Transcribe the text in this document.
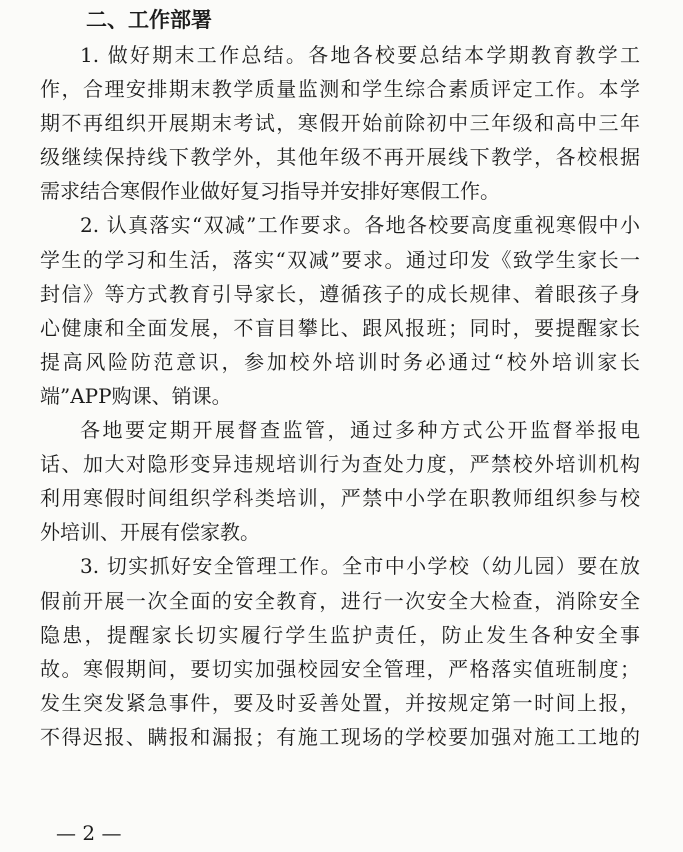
二、工作部署
1. 做好期末工作总结。各地各校要总结本学期教育教学工
作，合理安排期末教学质量监测和学生综合素质评定工作。本学
期不再组织开展期末考试，寒假开始前除初中三年级和高中三年
级继续保持线下教学外，其他年级不再开展线下教学，各校根据
需求结合寒假作业做好复习指导并安排好寒假工作。
2. 认真落实“双减”工作要求。各地各校要高度重视寒假中小
学生的学习和生活，落实“双减”要求。通过印发《致学生家长一
封信》等方式教育引导家长，遵循孩子的成长规律、着眼孩子身
心健康和全面发展，不盲目攀比、跟风报班；同时，要提醒家长
提高风险防范意识，参加校外培训时务必通过“校外培训家长
端”APP购课、销课。
各地要定期开展督查监管，通过多种方式公开监督举报电
话、加大对隐形变异违规培训行为查处力度，严禁校外培训机构
利用寒假时间组织学科类培训，严禁中小学在职教师组织参与校
外培训、开展有偿家教。
3. 切实抓好安全管理工作。全市中小学校（幼儿园）要在放
假前开展一次全面的安全教育，进行一次安全大检查，消除安全
隐患，提醒家长切实履行学生监护责任，防止发生各种安全事
故。寒假期间，要切实加强校园安全管理，严格落实值班制度；
发生突发紧急事件，要及时妥善处置，并按规定第一时间上报，
不得迟报、瞒报和漏报；有施工现场的学校要加强对施工工地的
— 2 —
